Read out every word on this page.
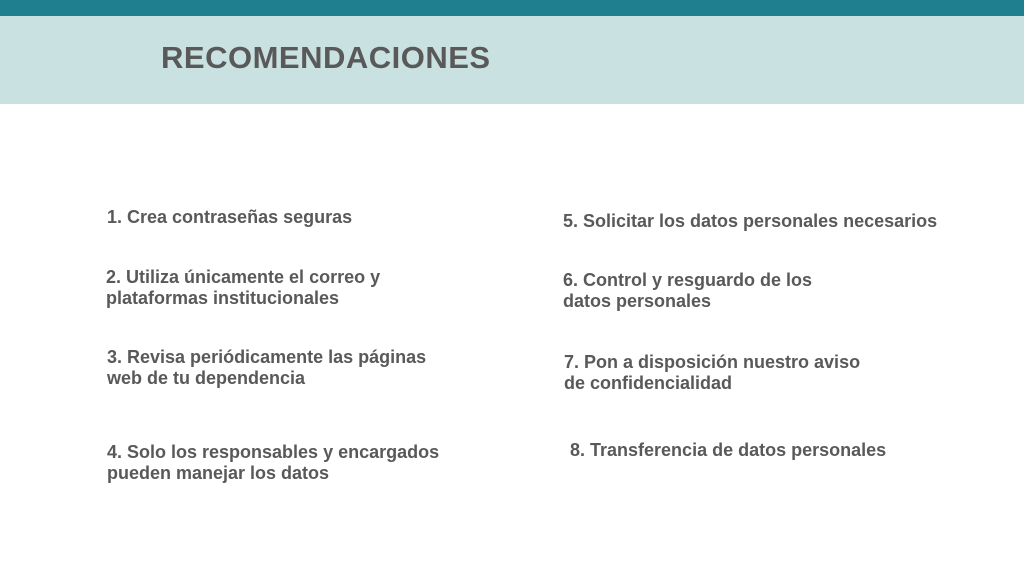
RECOMENDACIONES

1. Crea contraseñas seguras

2. Utiliza únicamente el correo y plataformas institucionales

3. Revisa periódicamente las páginas web de tu dependencia

4. Solo los responsables y encargados pueden manejar los datos

5. Solicitar los datos personales necesarios

6. Control y resguardo de los datos personales

7. Pon a disposición nuestro aviso de confidencialidad

8. Transferencia de datos personales
